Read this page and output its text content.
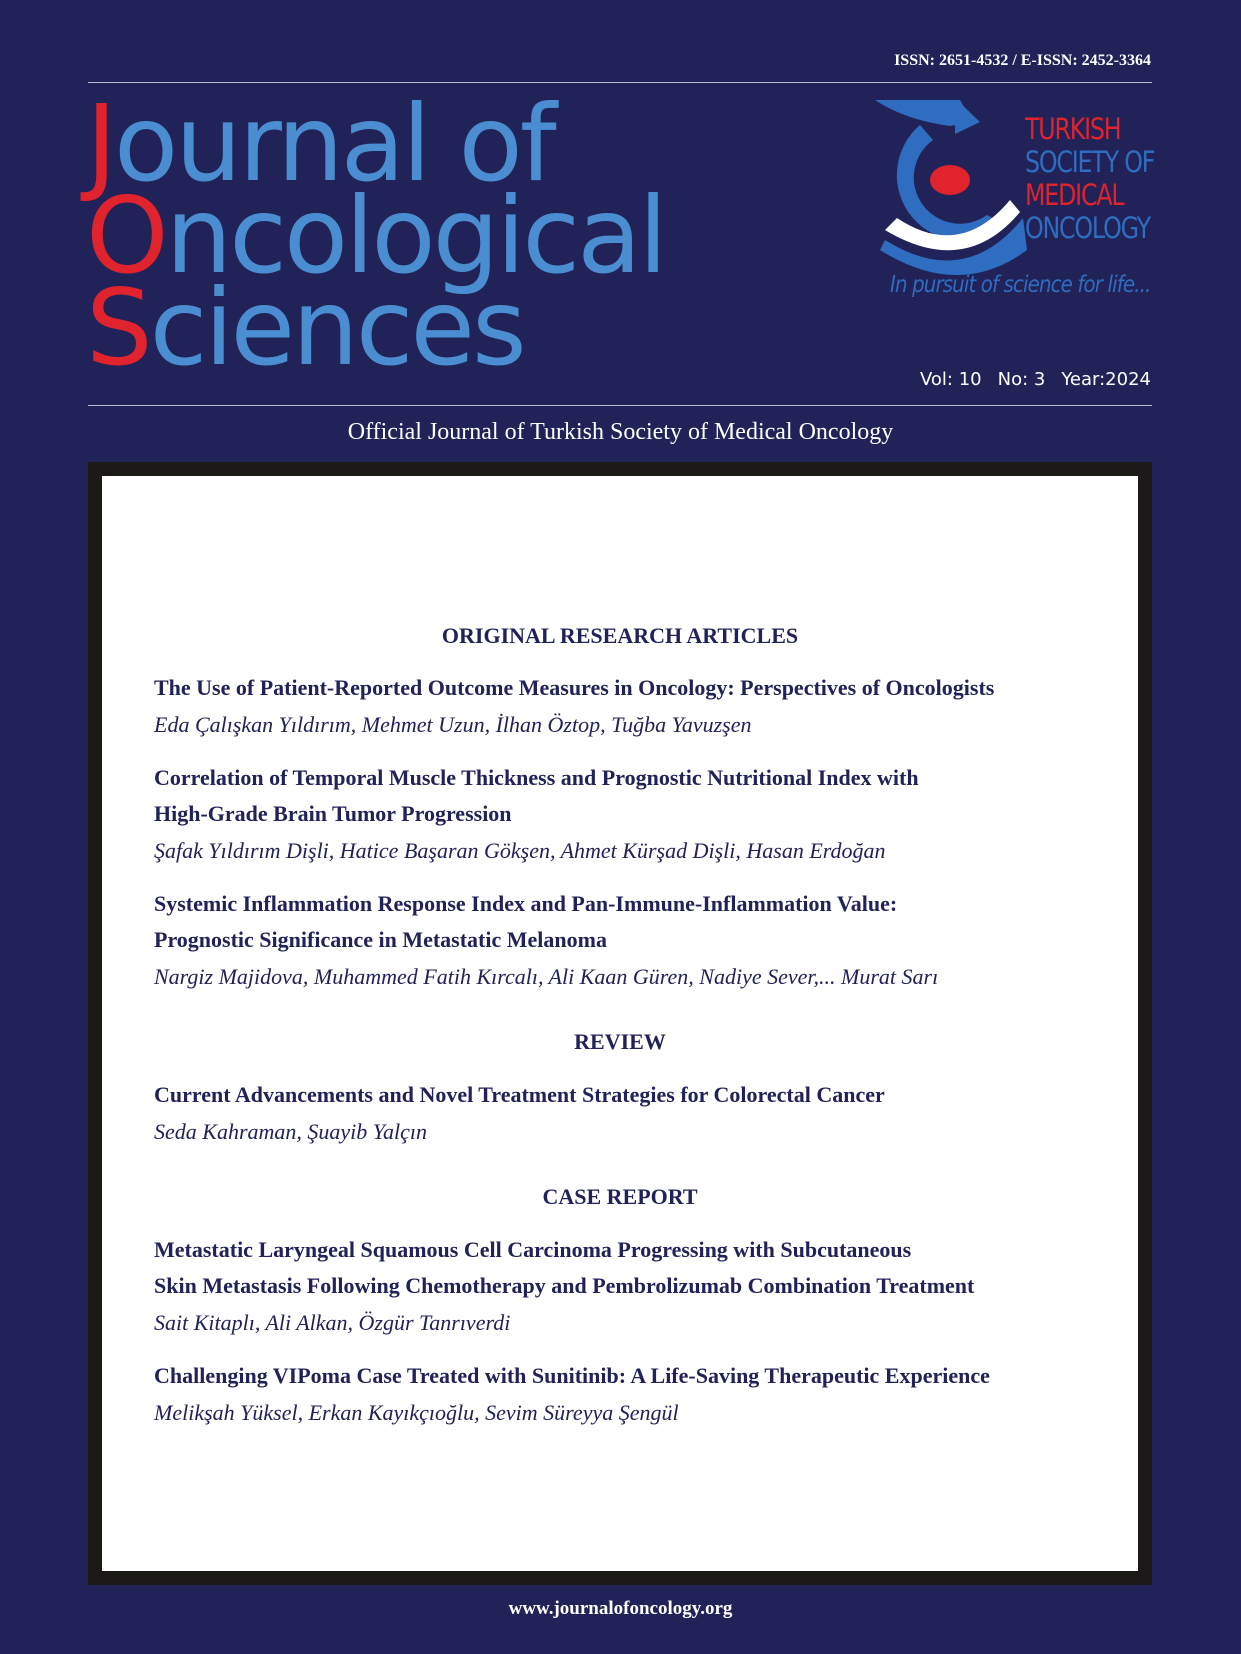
ISSN: 2651-4532 / E-ISSN: 2452-3364
Journal of
Oncological
Sciences
TURKISH
SOCIETY OF
MEDICAL
ONCOLOGY
In pursuit of science for life...
Vol: 10 No: 3 Year:2024
Official Journal of Turkish Society of Medical Oncology
ORIGINAL RESEARCH ARTICLES
The Use of Patient-Reported Outcome Measures in Oncology: Perspectives of Oncologists
Eda Çalışkan Yıldırım, Mehmet Uzun, İlhan Öztop, Tuğba Yavuzşen
Correlation of Temporal Muscle Thickness and Prognostic Nutritional Index with
High-Grade Brain Tumor Progression
Şafak Yıldırım Dişli, Hatice Başaran Gökşen, Ahmet Kürşad Dişli, Hasan Erdoğan
Systemic Inflammation Response Index and Pan-Immune-Inflammation Value:
Prognostic Significance in Metastatic Melanoma
Nargiz Majidova, Muhammed Fatih Kırcalı, Ali Kaan Güren, Nadiye Sever,... Murat Sarı
REVIEW
Current Advancements and Novel Treatment Strategies for Colorectal Cancer
Seda Kahraman, Şuayib Yalçın
CASE REPORT
Metastatic Laryngeal Squamous Cell Carcinoma Progressing with Subcutaneous
Skin Metastasis Following Chemotherapy and Pembrolizumab Combination Treatment
Sait Kitaplı, Ali Alkan, Özgür Tanrıverdi
Challenging VIPoma Case Treated with Sunitinib: A Life-Saving Therapeutic Experience
Melikşah Yüksel, Erkan Kayıkçıoğlu, Sevim Süreyya Şengül
www.journalofoncology.org
